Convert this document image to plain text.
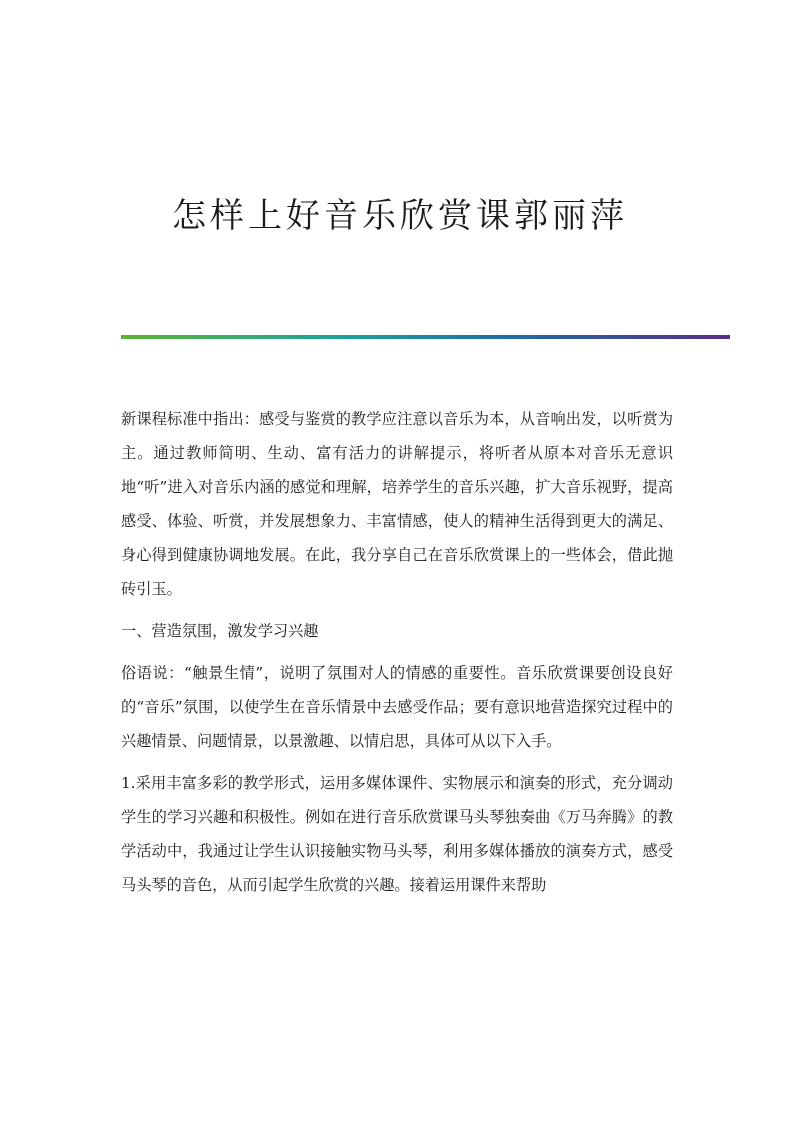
怎样上好音乐欣赏课郭丽萍

新课程标准中指出：感受与鉴赏的教学应注意以音乐为本，从音响出发，以听赏为主。通过教师简明、生动、富有活力的讲解提示，将听者从原本对音乐无意识地“听”进入对音乐内涵的感觉和理解，培养学生的音乐兴趣，扩大音乐视野，提高感受、体验、听赏，并发展想象力、丰富情感，使人的精神生活得到更大的满足、身心得到健康协调地发展。在此，我分享自己在音乐欣赏课上的一些体会，借此抛砖引玉。

一、营造氛围，激发学习兴趣

俗语说：“触景生情”，说明了氛围对人的情感的重要性。音乐欣赏课要创设良好的“音乐”氛围，以使学生在音乐情景中去感受作品；要有意识地营造探究过程中的兴趣情景、问题情景，以景激趣、以情启思，具体可从以下入手。

1.采用丰富多彩的教学形式，运用多媒体课件、实物展示和演奏的形式，充分调动学生的学习兴趣和积极性。例如在进行音乐欣赏课马头琴独奏曲《万马奔腾》的教学活动中，我通过让学生认识接触实物马头琴，利用多媒体播放的演奏方式，感受马头琴的音色，从而引起学生欣赏的兴趣。接着运用课件来帮助
